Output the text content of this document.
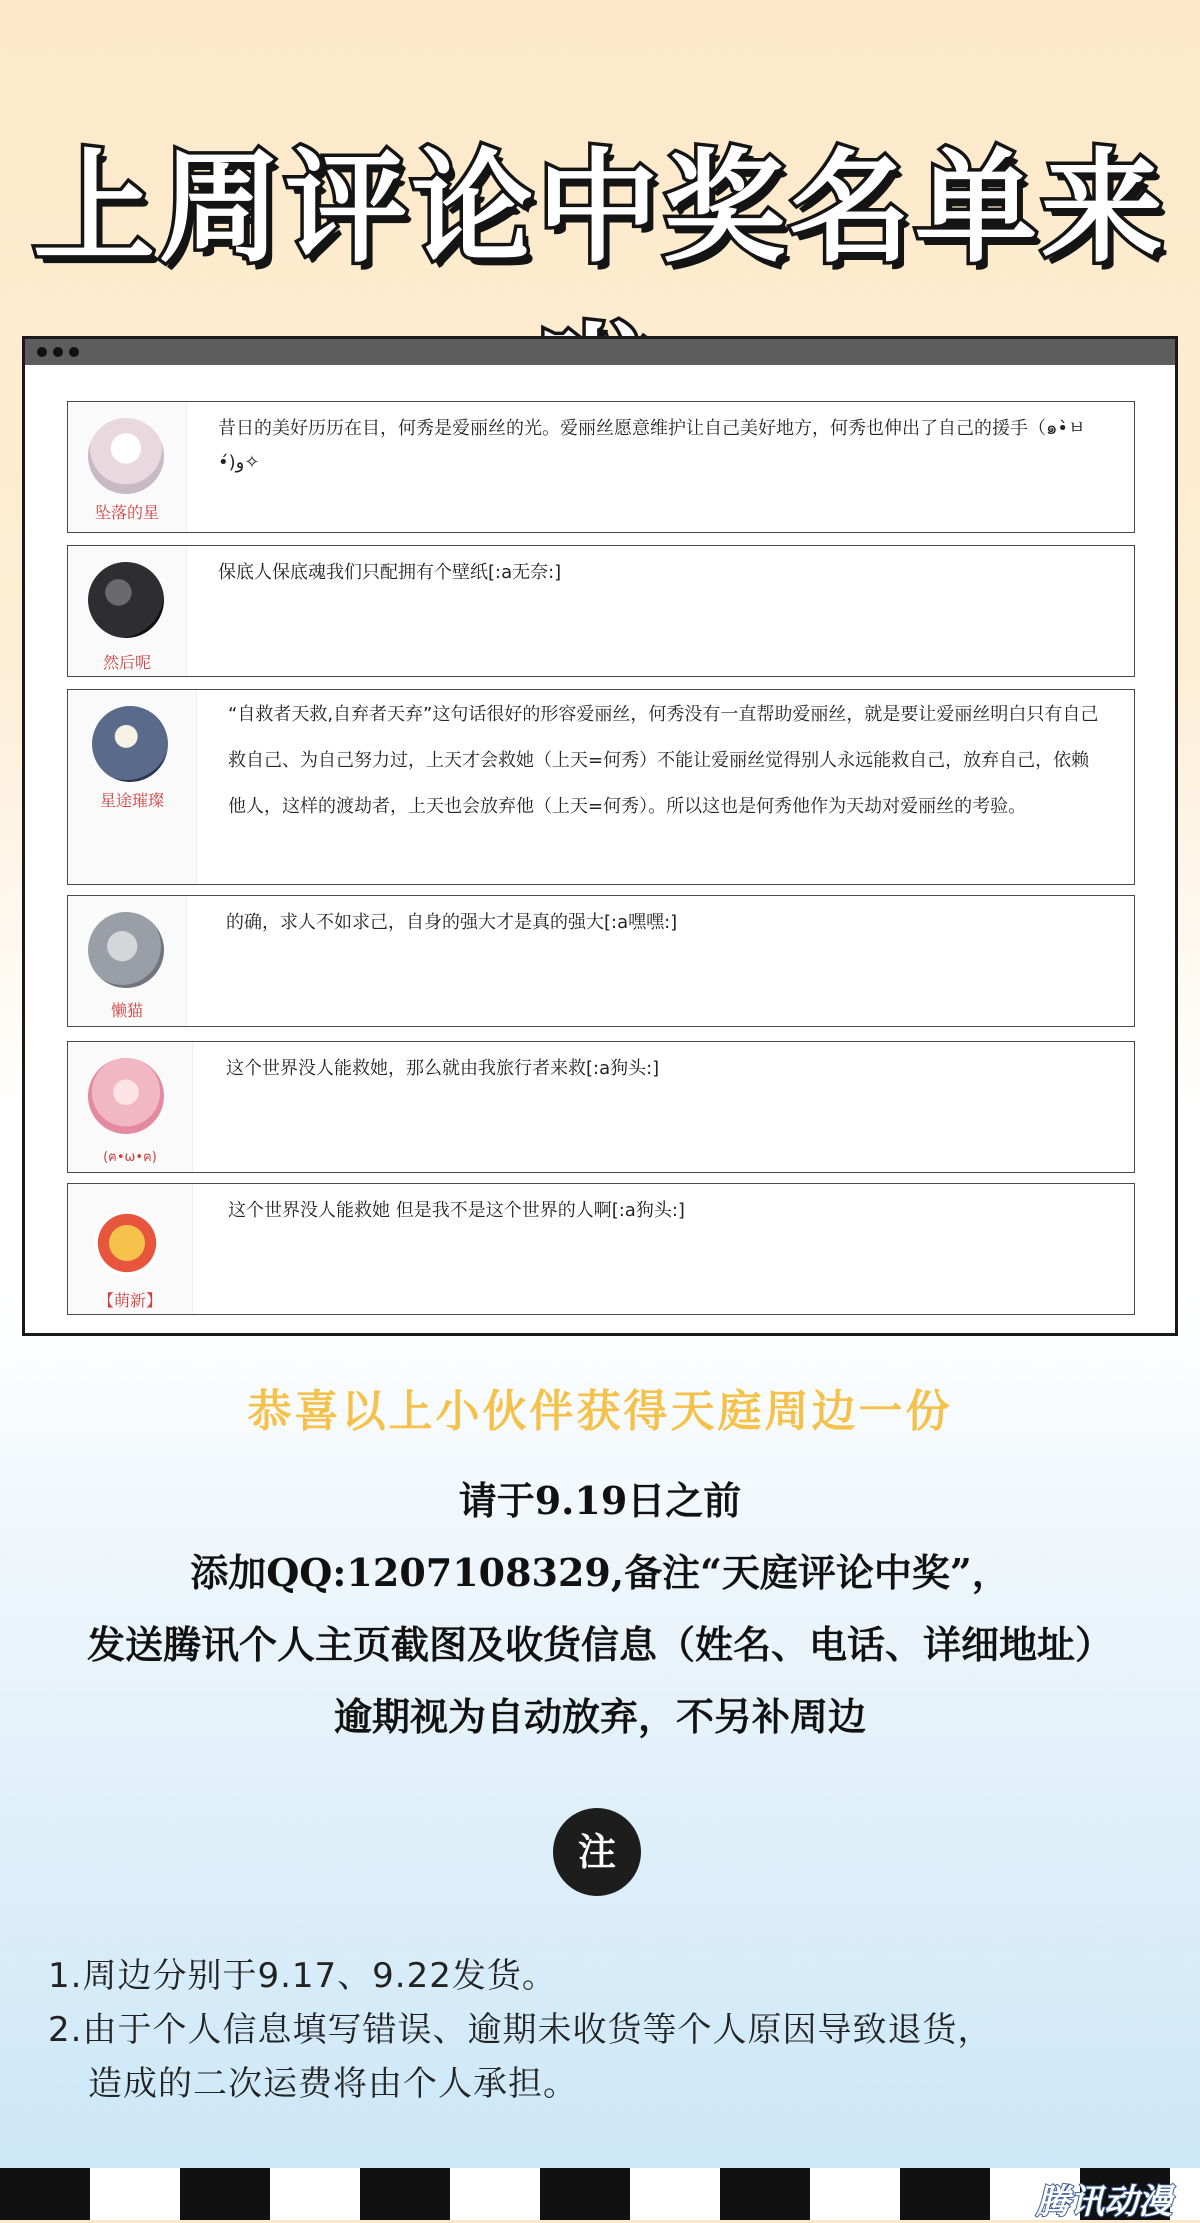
上周评论中奖名单来
坠落的星
昔日的美好历历在目，何秀是爱丽丝的光。爱丽丝愿意维护让自己美好地方，何秀也伸出了自己的援手（๑•̀ㅂ•́)و✧
然后呢
保底人保底魂我们只配拥有个壁纸[:a无奈:]
星途璀璨
“自救者天救,自弃者天弃”这句话很好的形容爱丽丝，何秀没有一直帮助爱丽丝，就是要让爱丽丝明白只有自己救自己、为自己努力过，上天才会救她（上天=何秀）不能让爱丽丝觉得别人永远能救自己，放弃自己，依赖他人，这样的渡劫者，上天也会放弃他（上天=何秀）。所以这也是何秀他作为天劫对爱丽丝的考验。
懒猫
的确，求人不如求己，自身的强大才是真的强大[:a嘿嘿:]
(ฅ•ω•ฅ)
这个世界没人能救她，那么就由我旅行者来救[:a狗头:]
【萌新】
这个世界没人能救她 但是我不是这个世界的人啊[:a狗头:]
恭喜以上小伙伴获得天庭周边一份
请于9.19日之前
添加QQ:1207108329,备注“天庭评论中奖”，
发送腾讯个人主页截图及收货信息（姓名、电话、详细地址）
逾期视为自动放弃，不另补周边
注
1.周边分别于9.17、9.22发货。
2.由于个人信息填写错误、逾期未收货等个人原因导致退货，
造成的二次运费将由个人承担。
腾讯动漫
